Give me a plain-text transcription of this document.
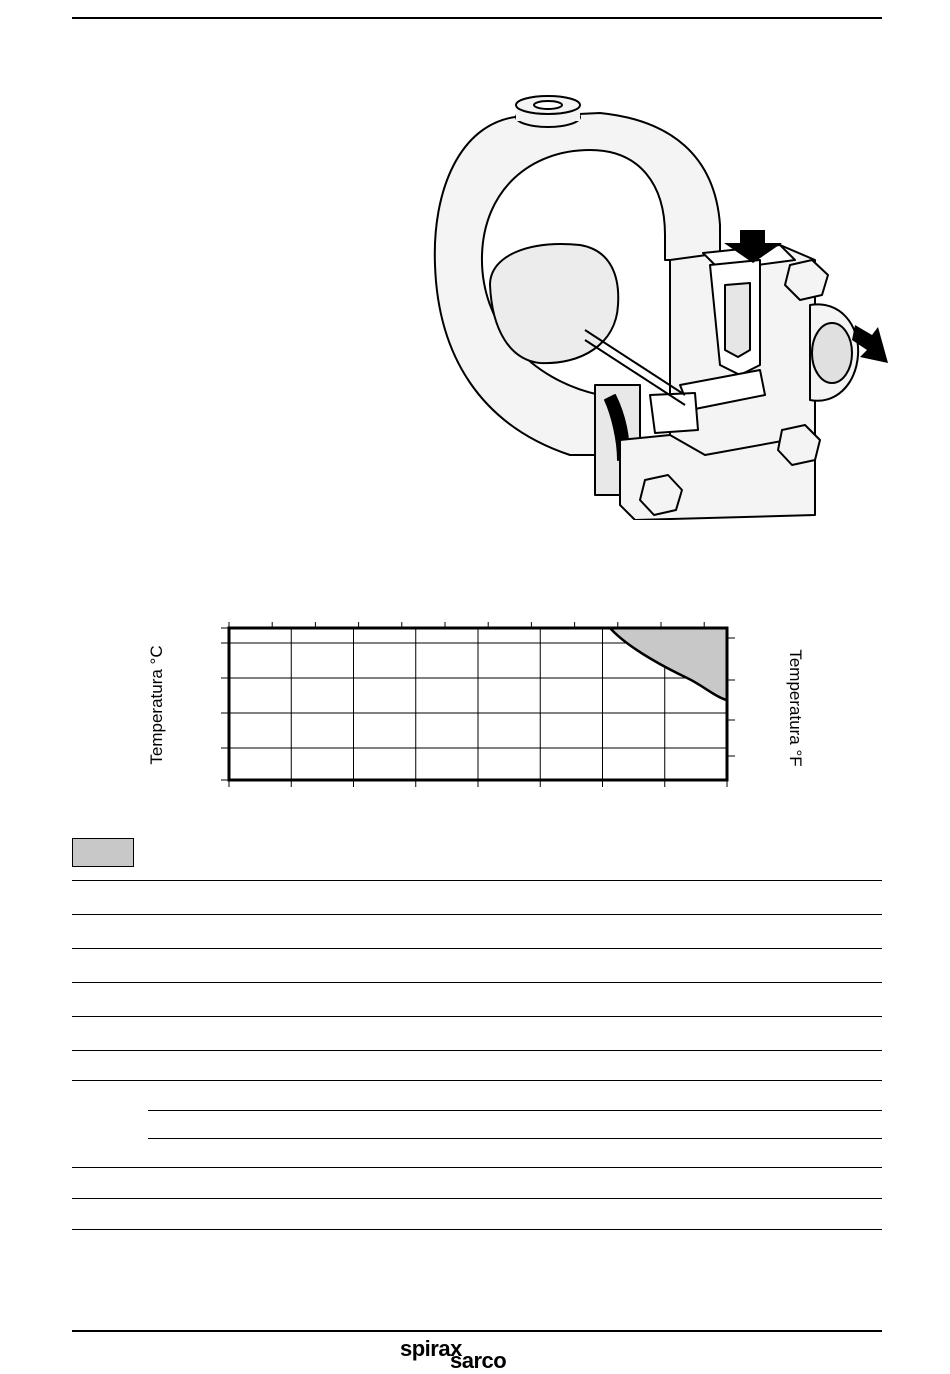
Temperatura °C	Temperatura °F
spirax
sarco
